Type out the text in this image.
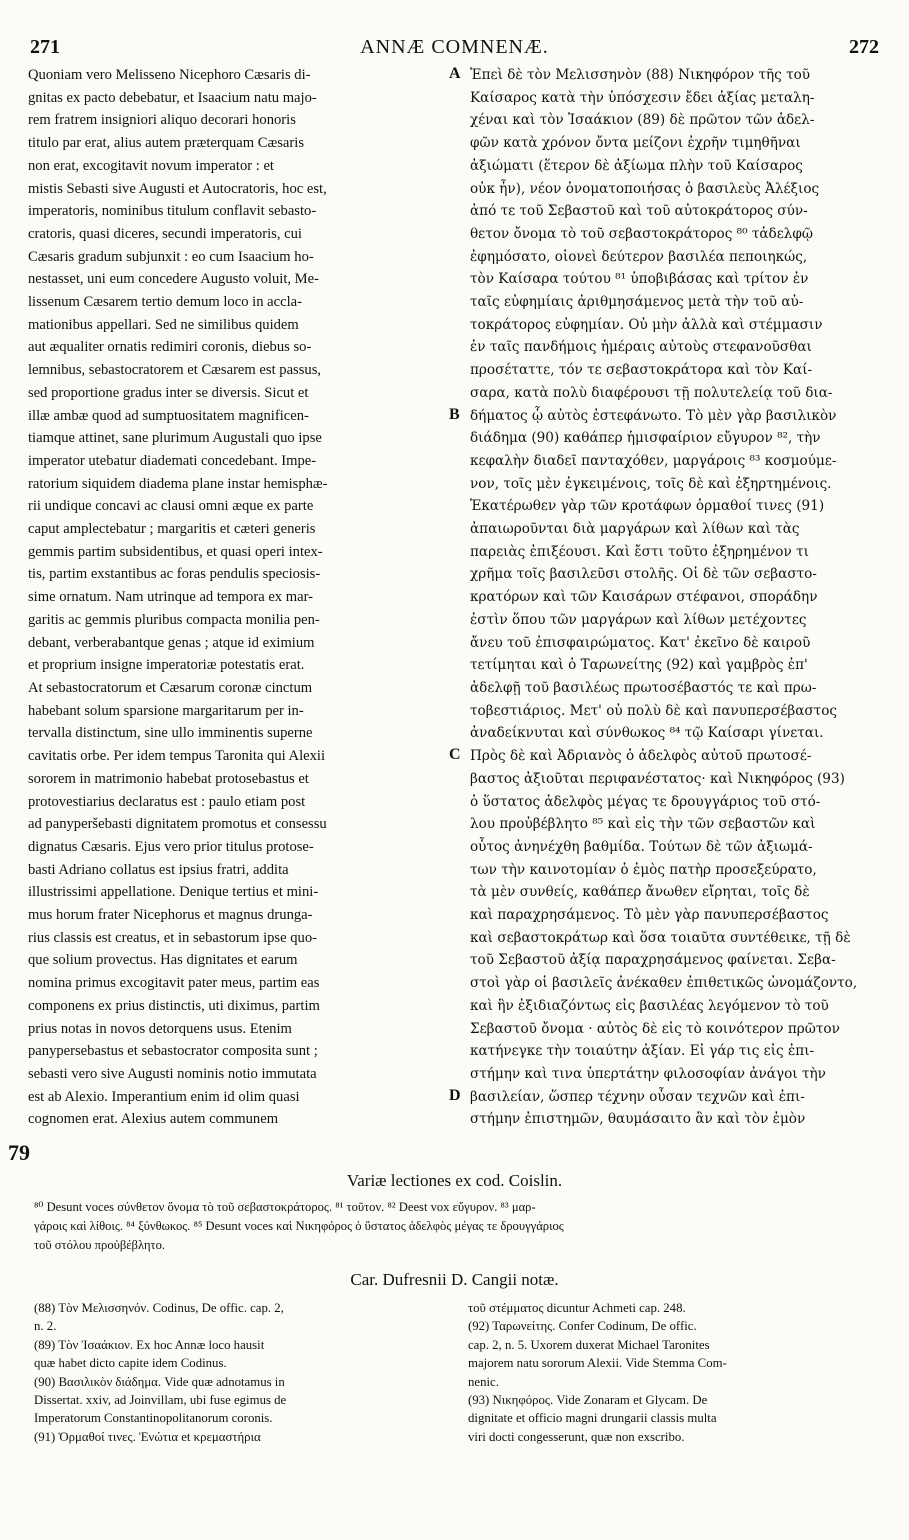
271	ANNÆ COMNENÆ.	272
Quoniam vero Melisseno Nicephoro Cæsaris di-
gnitas ex pacto debebatur, et Isaacium natu majo-
rem fratrem insigniori aliquo decorari honoris
titulo par erat, alius autem præterquam Cæsaris
non erat, excogitavit novum imperator : et
mistis Sebasti sive Augusti et Autocratoris, hoc est,
imperatoris, nominibus titulum conflavit sebasto-
cratoris, quasi diceres, secundi imperatoris, cui
Cæsaris gradum subjunxit : eo cum Isaacium ho-
nestasset, uni eum concedere Augusto voluit, Me-
lissenum Cæsarem tertio demum loco in accla-
mationibus appellari. Sed ne similibus quidem
aut æqualiter ornatis redimiri coronis, diebus so-
lemnibus, sebastocratorem et Cæsarem est passus,
sed proportione gradus inter se diversis. Sicut et
illæ ambæ quod ad sumptuositatem magnificen-
tiamque attinet, sane plurimum Augustali quo ipse
imperator utebatur diademati concedebant. Impe-
ratorium siquidem diadema plane instar hemisphæ-
rii undique concavi ac clausi omni æque ex parte
caput amplectebatur ; margaritis et cæteri generis
gemmis partim subsidentibus, et quasi operi intex-
tis, partim exstantibus ac foras pendulis speciosis-
sime ornatum. Nam utrinque ad tempora ex mar-
garitis ac gemmis pluribus compacta monilia pen-
debant, verberabantque genas ; atque id eximium
et proprium insigne imperatoriæ potestatis erat.
At sebastocratorum et Cæsarum coronæ cinctum
habebant solum sparsione margaritarum per in-
tervalla distinctum, sine ullo imminentis superne
cavitatis orbe. Per idem tempus Taronita qui Alexii
sororem in matrimonio habebat protosebastus et
protovestiarius declaratus est : paulo etiam post
ad panyperšebasti dignitatem promotus et consessu
dignatus Cæsaris. Ejus vero prior titulus protose-
basti Adriano collatus est ipsius fratri, addita
illustrissimi appellatione. Denique tertius et mini-
mus horum frater Nicephorus et magnus drunga-
rius classis est creatus, et in sebastorum ipse quo-
que solium provectus. Has dignitates et earum
nomina primus excogitavit pater meus, partim eas
componens ex prius distinctis, uti diximus, partim
prius notas in novos detorquens usus. Etenim
panypersebastus et sebastocrator composita sunt ;
sebasti vero sive Augusti nominis notio immutata
est ab Alexio. Imperantium enim id olim quasi
cognomen erat. Alexius autem communem
79
Ἐπεὶ δὲ τὸν Μελισσηνὸν (88) Νικηφόρον τῆς τοῦ
Καίσαρος κατὰ τὴν ὑπόσχεσιν ἔδει ἀξίας μεταλη-
χέναι καὶ τὸν Ἰσαάκιον (89) δὲ πρῶτον τῶν ἀδελ-
φῶν κατὰ χρόνον ὄντα μείζονι ἐχρῆν τιμηθῆναι
ἀξιώματι (ἕτερον δὲ ἀξίωμα πλὴν τοῦ Καίσαρος
οὐκ ἦν), νέον ὀνοματοποιήσας ὁ βασιλεὺς Ἀλέξιος
ἀπό τε τοῦ Σεβαστοῦ καὶ τοῦ αὐτοκράτορος σύν-
θετον ὄνομα τὸ τοῦ σεβαστοκράτορος ⁸⁰ τἀδελφῷ
ἐφημόσατο, οἱονεὶ δεύτερον βασιλέα πεποιηκώς,
τὸν Καίσαρα τούτου ⁸¹ ὑποβιβάσας καὶ τρίτον ἐν
ταῖς εὐφημίαις ἀριθμησάμενος μετὰ τὴν τοῦ αὐ-
τοκράτορος εὐφημίαν. Οὐ μὴν ἀλλὰ καὶ στέμμασιν
ἐν ταῖς πανδήμοις ἡμέραις αὐτοὺς στεφανοῦσθαι
προσέταττε, τόν τε σεβαστοκράτορα καὶ τὸν Καί-
σαρα, κατὰ πολὺ διαφέρουσι τῇ πολυτελείᾳ τοῦ δια-
δήματος ᾧ αὐτὸς ἐστεφάνωτο. Τὸ μὲν γὰρ βασιλικὸν
διάδημα (90) καθάπερ ἡμισφαίριον εὔγυρον ⁸², τὴν
κεφαλὴν διαδεῖ πανταχόθεν, μαργάροις ⁸³ κοσμούμε-
νον, τοῖς μὲν ἐγκειμένοις, τοῖς δὲ καὶ ἐξηρτημένοις.
Ἑκατέρωθεν γὰρ τῶν κροτάφων ὁρμαθοί τινες (91)
ἀπαιωροῦνται διὰ μαργάρων καὶ λίθων καὶ τὰς
παρειὰς ἐπιξέουσι. Καὶ ἔστι τοῦτο ἐξηρημένον τι
χρῆμα τοῖς βασιλεῦσι στολῆς. Οἱ δὲ τῶν σεβαστο-
κρατόρων καὶ τῶν Καισάρων στέφανοι, σποράδην
ἐστὶν ὅπου τῶν μαργάρων καὶ λίθων μετέχοντες
ἄνευ τοῦ ἐπισφαιρώματος. Κατ' ἐκεῖνο δὲ καιροῦ
τετίμηται καὶ ὁ Ταρωνείτης (92) καὶ γαμβρὸς ἐπ'
ἀδελφῇ τοῦ βασιλέως πρωτοσέβαστός τε καὶ πρω-
τοβεστιάριος. Μετ' οὐ πολὺ δὲ καὶ πανυπερσέβαστος
ἀναδείκνυται καὶ σύνθωκος ⁸⁴ τῷ Καίσαρι γίνεται.
Πρὸς δὲ καὶ Ἀδριανὸς ὁ ἀδελφὸς αὐτοῦ πρωτοσέ-
βαστος ἀξιοῦται περιφανέστατος· καὶ Νικηφόρος (93)
ὁ ὕστατος ἀδελφὸς μέγας τε δρουγγάριος τοῦ στό-
λου προὐβέβλητο ⁸⁵ καὶ εἰς τὴν τῶν σεβαστῶν καὶ
οὗτος ἀνηνέχθη βαθμίδα. Τούτων δὲ τῶν ἀξιωμά-
των τὴν καινοτομίαν ὁ ἐμὸς πατὴρ προσεξεύρατο,
τὰ μὲν συνθείς, καθάπερ ἄνωθεν εἴρηται, τοῖς δὲ
καὶ παραχρησάμενος. Τὸ μὲν γὰρ πανυπερσέβαστος
καὶ σεβαστοκράτωρ καὶ ὅσα τοιαῦτα συντέθεικε, τῇ δὲ
τοῦ Σεβαστοῦ ἀξίᾳ παραχρησάμενος φαίνεται. Σεβα-
στοὶ γὰρ οἱ βασιλεῖς ἀνέκαθεν ἐπιθετικῶς ὠνομάζοντο,
καὶ ἣν ἐξιδιαζόντως εἰς βασιλέας λεγόμενον τὸ τοῦ
Σεβαστοῦ ὄνομα · αὐτὸς δὲ εἰς τὸ κοινότερον πρῶτον
κατήνεγκε τὴν τοιαύτην ἀξίαν. Εἰ γάρ τις εἰς ἐπι-
στήμην καὶ τινα ὑπερτάτην φιλοσοφίαν ἀνάγοι τὴν
βασιλείαν, ὥσπερ τέχνην οὖσαν τεχνῶν καὶ ἐπι-
στήμην ἐπιστημῶν, θαυμάσαιτο ἂν καὶ τὸν ἐμὸν
A
B
C
D
Variæ lectiones ex cod. Coislin.
⁸⁰ Desunt voces σύνθετον ὄνομα τὸ τοῦ σεβαστοκράτορος. ⁸¹ τοῦτον. ⁸² Deest vox εὔγυρον. ⁸³ μαρ-
γάροις καὶ λίθοις. ⁸⁴ ξύνθωκος. ⁸⁵ Desunt voces καὶ Νικηφόρος ὁ ὕστατος ἀδελφὸς μέγας τε δρουγγάριος
τοῦ στόλου προὐβέβλητο.
Car. Dufresnii D. Cangii notæ.
(88) Τὸν Μελισσηνόν. Codinus, De offic. cap. 2,
n. 2.
(89) Τὸν Ἰσαάκιον. Ex hoc Annæ loco hausit
quæ habet dicto capite idem Codinus.
(90) Βασιλικὸν διάδημα. Vide quæ adnotamus in
Dissertat. xxiv, ad Joinvillam, ubi fuse egimus de
Imperatorum Constantinopolitanorum coronis.
(91) Ὁρμαθοί τινες. Ἐνώτια et κρεμαστήρια
τοῦ στέμματος dicuntur Achmeti cap. 248.
(92) Ταρωνείτης. Confer Codinum, De offic.
cap. 2, n. 5. Uxorem duxerat Michael Taronites
majorem natu sororum Alexii. Vide Stemma Com-
nenic.
(93) Νικηφόρος. Vide Zonaram et Glycam. De
dignitate et officio magni drungarii classis multa
viri docti congesserunt, quæ non exscribo.
